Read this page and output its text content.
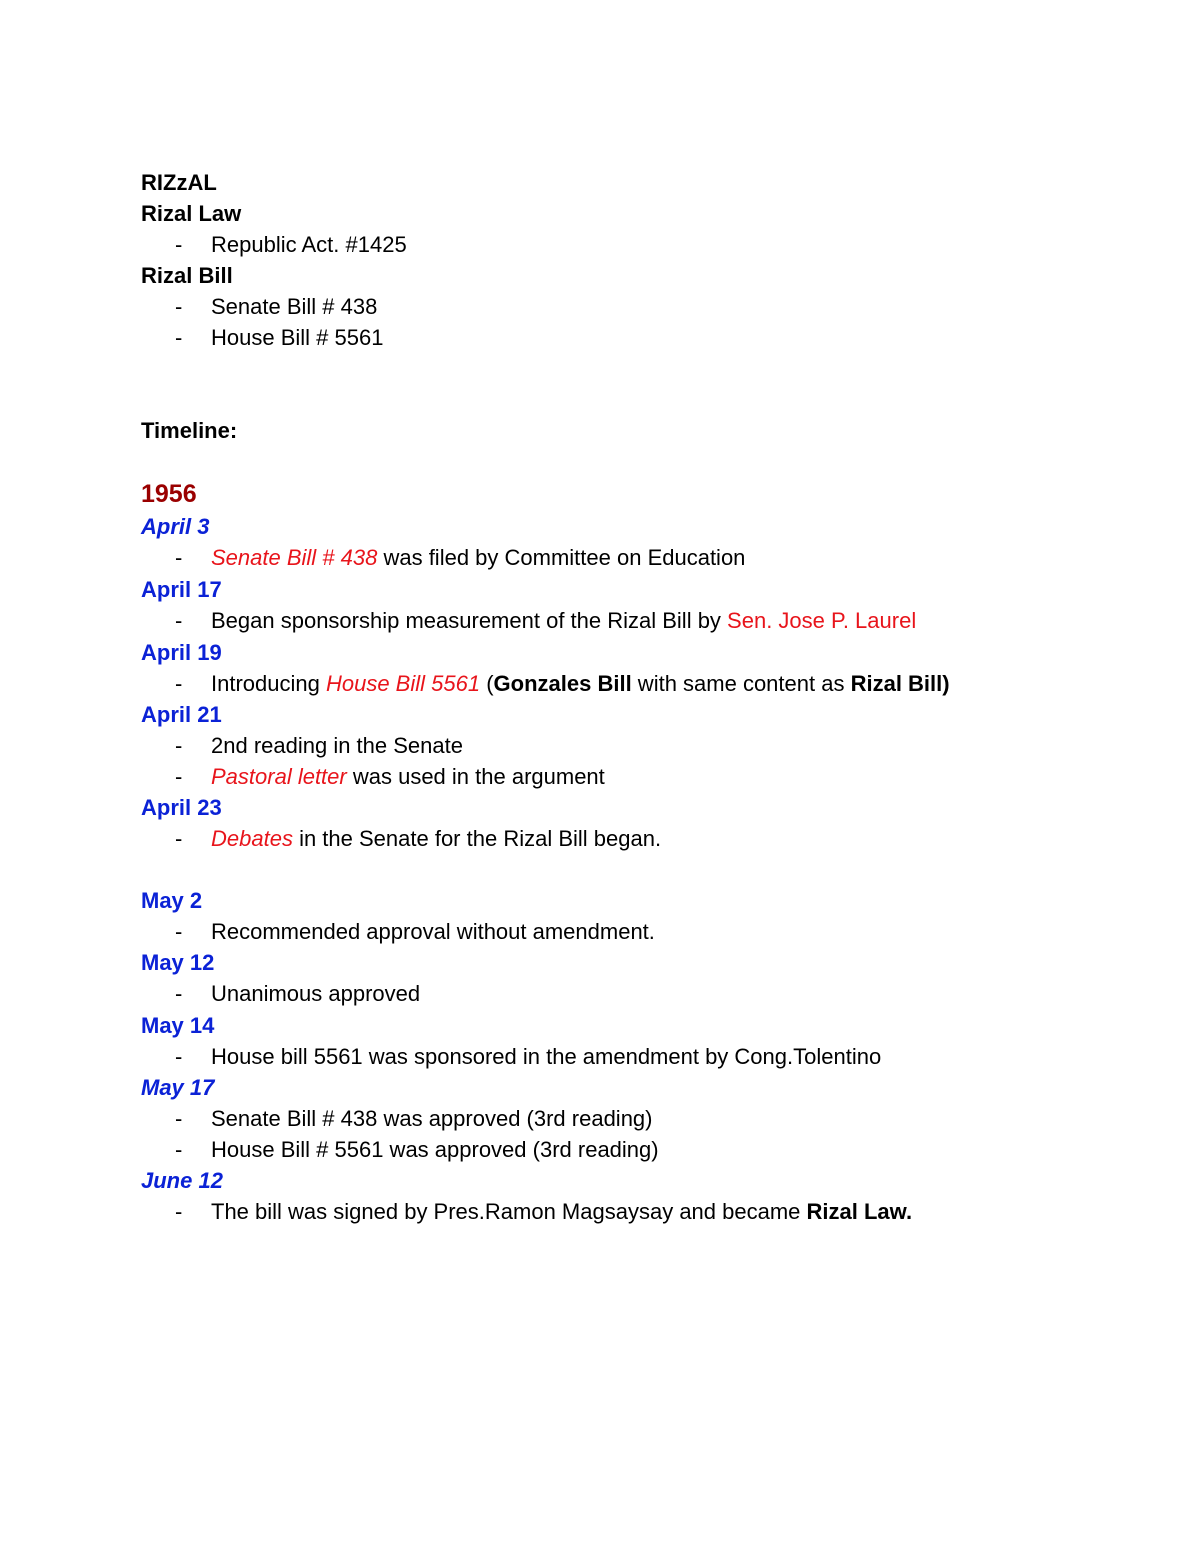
RIZzAL
Rizal Law
- Republic Act. #1425
Rizal Bill
- Senate Bill # 438
- House Bill # 5561
Timeline:
1956
April 3
- Senate Bill # 438 was filed by Committee on Education
April 17
- Began sponsorship measurement of the Rizal Bill by Sen. Jose P. Laurel
April 19
- Introducing House Bill 5561 (Gonzales Bill with same content as Rizal Bill)
April 21
- 2nd reading in the Senate
- Pastoral letter was used in the argument
April 23
- Debates in the Senate for the Rizal Bill began.
May 2
- Recommended approval without amendment.
May 12
- Unanimous approved
May 14
- House bill 5561 was sponsored in the amendment by Cong.Tolentino
May 17
- Senate Bill # 438 was approved (3rd reading)
- House Bill # 5561 was approved (3rd reading)
June 12
- The bill was signed by Pres.Ramon Magsaysay and became Rizal Law.
